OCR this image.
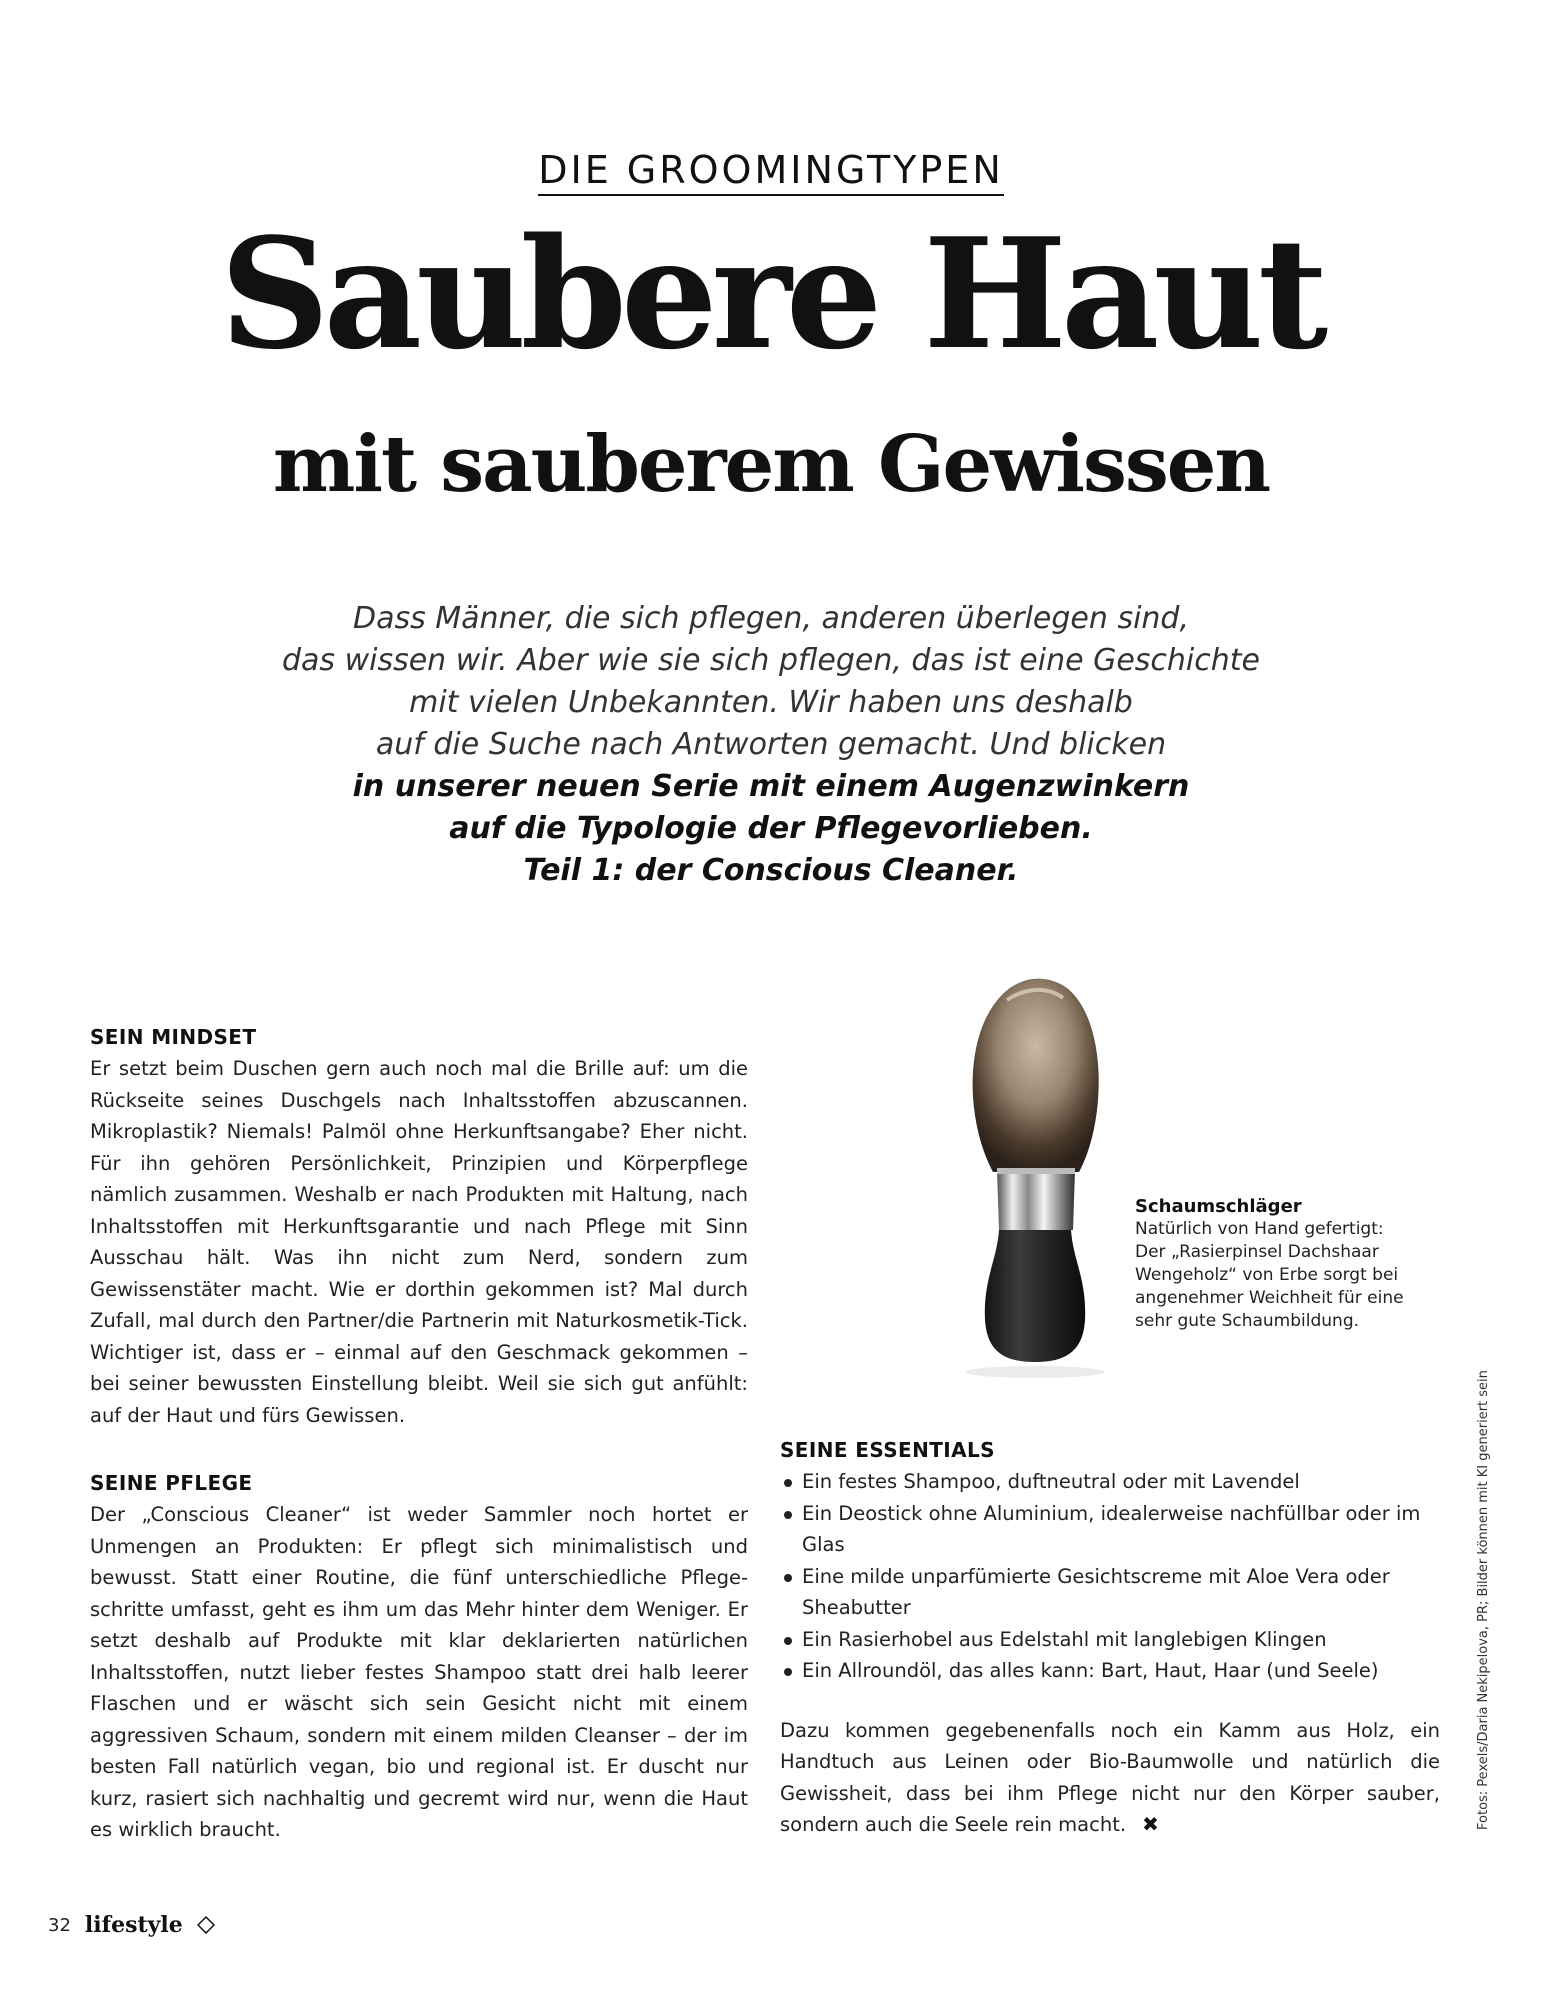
DIE GROOMINGTYPEN
Saubere Haut
mit sauberem Gewissen
Dass Männer, die sich pflegen, anderen überlegen sind,
das wissen wir. Aber wie sie sich pflegen, das ist eine Geschichte
mit vielen Unbekannten. Wir haben uns deshalb
auf die Suche nach Antworten gemacht. Und blicken
in unserer neuen Serie mit einem Augenzwinkern
auf die Typologie der Pflegevorlieben.
Teil 1: der Conscious Cleaner.

SEIN MINDSET

Er setzt beim Duschen gern auch noch mal die Brille auf: um die Rückseite seines Duschgels nach Inhaltsstoffen abzuscannen. Mikroplastik? Niemals! Palmöl ohne Herkunftsangabe? Eher nicht. Für ihn gehören Persönlichkeit, Prinzipien und Körperpflege nämlich zusammen. Weshalb er nach Produkten mit Haltung, nach Inhaltsstoffen mit Herkunftsgarantie und nach Pflege mit Sinn Ausschau hält. Was ihn nicht zum Nerd, sondern zum Gewissenstäter macht. Wie er dorthin gekommen ist? Mal durch Zufall, mal durch den Partner/die Partnerin mit Naturkosmetik-Tick. Wichtiger ist, dass er – einmal auf den Geschmack gekommen – bei seiner bewussten Einstellung bleibt. Weil sie sich gut anfühlt: auf der Haut und fürs Gewissen.

SEINE PFLEGE

Der „Conscious Cleaner“ ist weder Sammler noch hortet er Unmengen an Produkten: Er pflegt sich minimalistisch und bewusst. Statt einer Routine, die fünf unterschiedliche Pflegeschritte umfasst, geht es ihm um das Mehr hinter dem Weniger. Er setzt deshalb auf Produkte mit klar deklarierten natürlichen Inhaltsstoffen, nutzt lieber festes Shampoo statt drei halb leerer Flaschen und er wäscht sich sein Gesicht nicht mit einem aggressiven Schaum, sondern mit einem milden Cleanser – der im besten Fall natürlich vegan, bio und regional ist. Er duscht nur kurz, rasiert sich nachhaltig und gecremt wird nur, wenn die Haut es wirklich braucht.

Schaumschläger
Natürlich von Hand gefertigt: Der „Rasierpinsel Dachshaar Wengeholz“ von Erbe sorgt bei angenehmer Weichheit für eine sehr gute Schaumbildung.

SEINE ESSENTIALS

Ein festes Shampoo, duftneutral oder mit Lavendel
Ein Deostick ohne Aluminium, idealerweise nachfüllbar oder im Glas
Eine milde unparfümierte Gesichtscreme mit Aloe Vera oder Sheabutter
Ein Rasierhobel aus Edelstahl mit langlebigen Klingen
Ein Allroundöl, das alles kann: Bart, Haut, Haar (und Seele)

Dazu kommen gegebenenfalls noch ein Kamm aus Holz, ein Handtuch aus Leinen oder Bio-Baumwolle und natürlich die Gewissheit, dass bei ihm Pflege nicht nur den Körper sauber, sondern auch die Seele rein macht. ✖	Fotos: Pexels/Daria Nekipelova, PR; Bilder können mit KI generiert sein
32 lifestyle
